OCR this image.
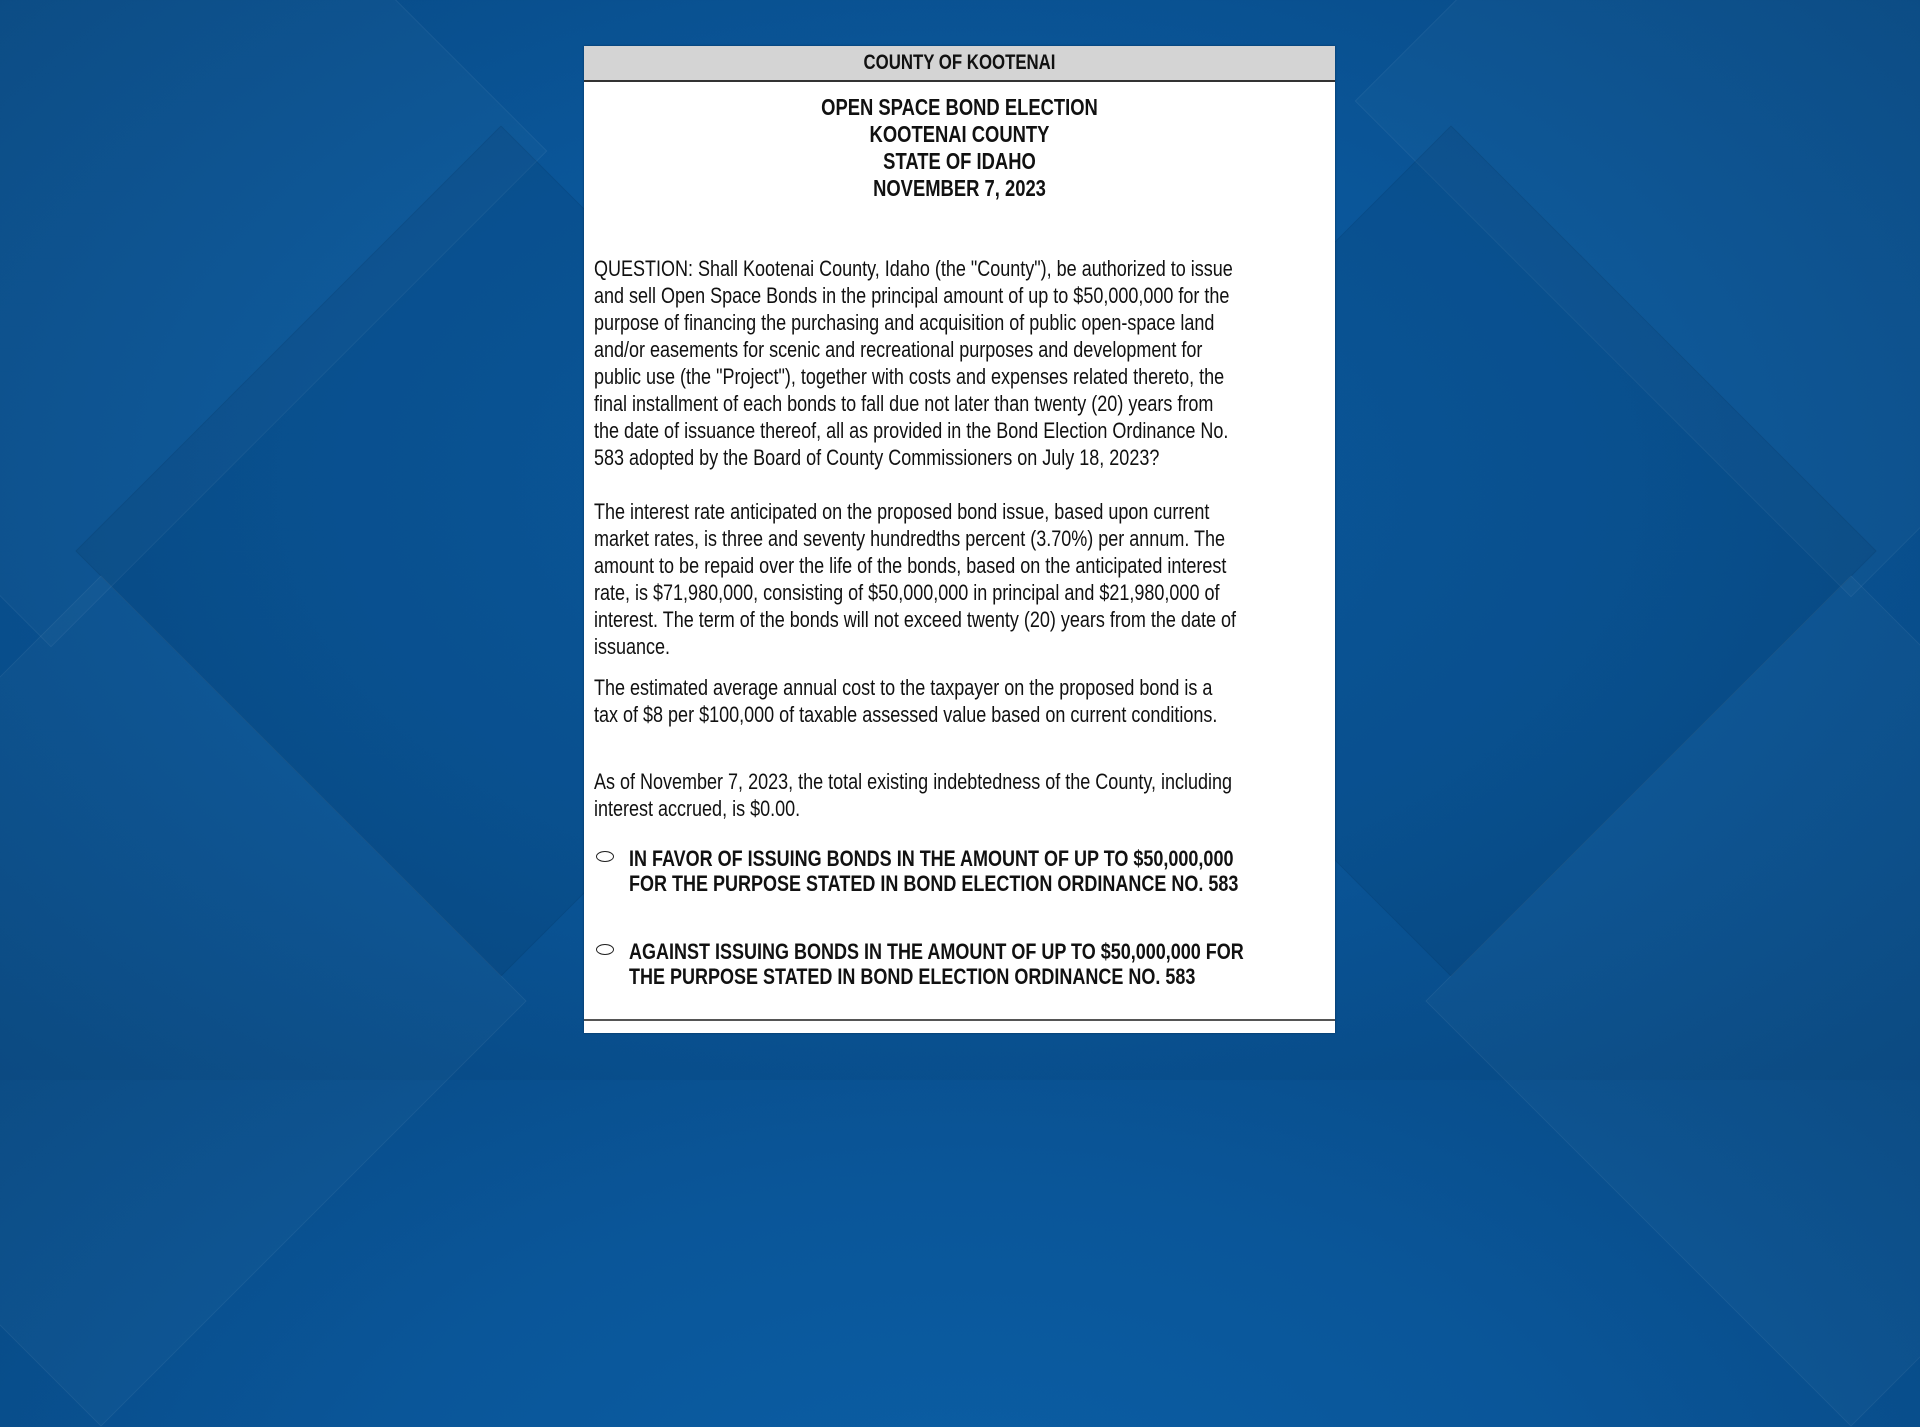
COUNTY OF KOOTENAI
OPEN SPACE BOND ELECTION
KOOTENAI COUNTY
STATE OF IDAHO
NOVEMBER 7, 2023
QUESTION: Shall Kootenai County, Idaho (the "County"), be authorized to issue
and sell Open Space Bonds in the principal amount of up to $50,000,000 for the
purpose of financing the purchasing and acquisition of public open-space land
and/or easements for scenic and recreational purposes and development for
public use (the "Project"), together with costs and expenses related thereto, the
final installment of each bonds to fall due not later than twenty (20) years from
the date of issuance thereof, all as provided in the Bond Election Ordinance No.
583 adopted by the Board of County Commissioners on July 18, 2023?
The interest rate anticipated on the proposed bond issue, based upon current
market rates, is three and seventy hundredths percent (3.70%) per annum. The
amount to be repaid over the life of the bonds, based on the anticipated interest
rate, is $71,980,000, consisting of $50,000,000 in principal and $21,980,000 of
interest. The term of the bonds will not exceed twenty (20) years from the date of
issuance.
The estimated average annual cost to the taxpayer on the proposed bond is a
tax of $8 per $100,000 of taxable assessed value based on current conditions.
As of November 7, 2023, the total existing indebtedness of the County, including
interest accrued, is $0.00.
IN FAVOR OF ISSUING BONDS IN THE AMOUNT OF UP TO $50,000,000
FOR THE PURPOSE STATED IN BOND ELECTION ORDINANCE NO. 583
AGAINST ISSUING BONDS IN THE AMOUNT OF UP TO $50,000,000 FOR
THE PURPOSE STATED IN BOND ELECTION ORDINANCE NO. 583
